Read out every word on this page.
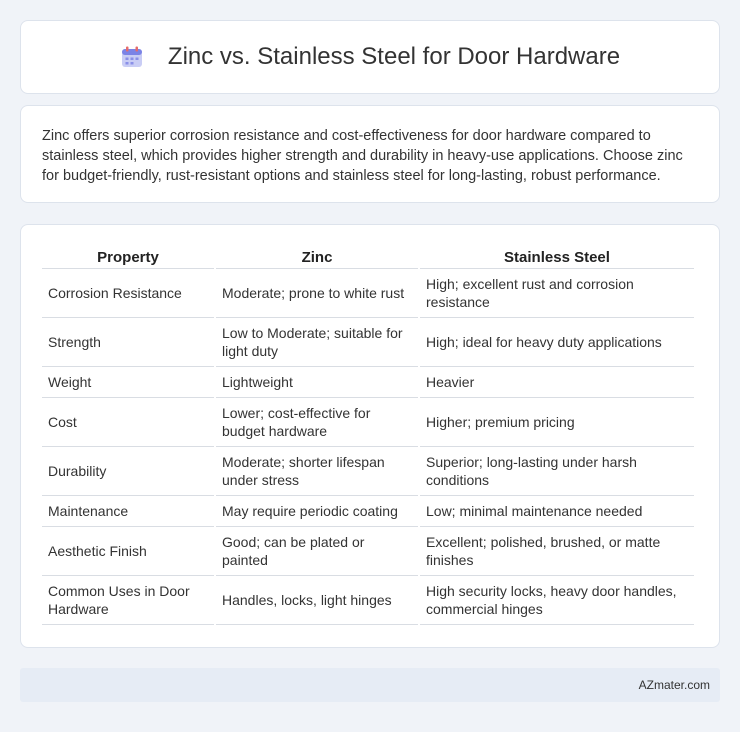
Zinc vs. Stainless Steel for Door Hardware

Zinc offers superior corrosion resistance and cost-effectiveness for door hardware compared to stainless steel, which provides higher strength and durability in heavy-use applications. Choose zinc for budget-friendly, rust-resistant options and stainless steel for long-lasting, robust performance.

Property	Zinc	Stainless Steel
Corrosion Resistance	Moderate; prone to white rust	High; excellent rust and corrosion resistance
Strength	Low to Moderate; suitable for light duty	High; ideal for heavy duty applications
Weight	Lightweight	Heavier
Cost	Lower; cost-effective for budget hardware	Higher; premium pricing
Durability	Moderate; shorter lifespan under stress	Superior; long-lasting under harsh conditions
Maintenance	May require periodic coating	Low; minimal maintenance needed
Aesthetic Finish	Good; can be plated or painted	Excellent; polished, brushed, or matte finishes
Common Uses in Door Hardware	Handles, locks, light hinges	High security locks, heavy door handles, commercial hinges
AZmater.com
